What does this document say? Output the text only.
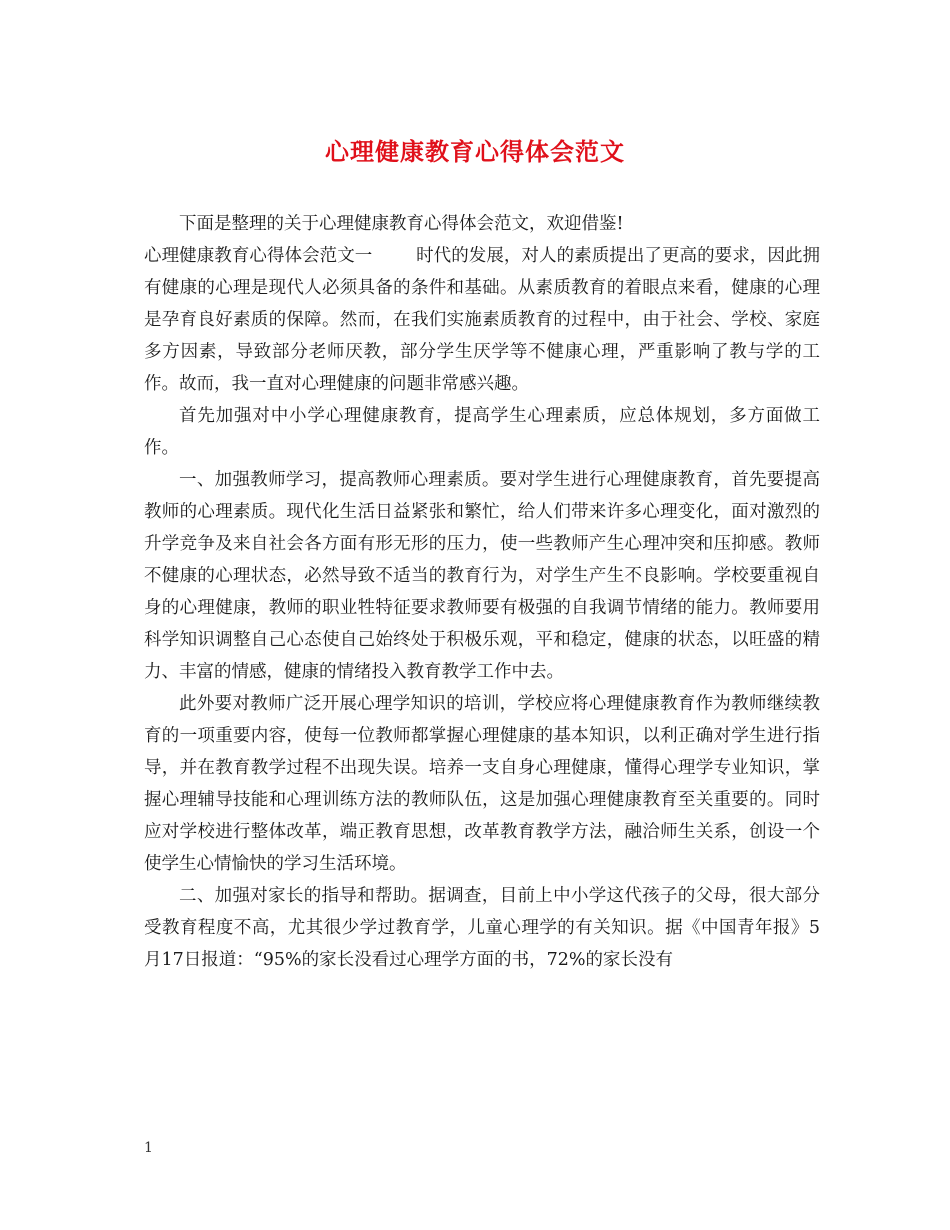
心理健康教育心得体会范文

下面是整理的关于心理健康教育心得体会范文，欢迎借鉴!

心理健康教育心得体会范文一	时代的发展，对人的素质提出了更高的要求，因此拥有健康的心理是现代人必须具备的条件和基础。从素质教育的着眼点来看，健康的心理是孕育良好素质的保障。然而，在我们实施素质教育的过程中，由于社会、学校、家庭多方因素，导致部分老师厌教，部分学生厌学等不健康心理，严重影响了教与学的工作。故而，我一直对心理健康的问题非常感兴趣。

首先加强对中小学心理健康教育，提高学生心理素质，应总体规划，多方面做工作。

一、加强教师学习，提高教师心理素质。要对学生进行心理健康教育，首先要提高教师的心理素质。现代化生活日益紧张和繁忙，给人们带来许多心理变化，面对激烈的升学竞争及来自社会各方面有形无形的压力，使一些教师产生心理冲突和压抑感。教师不健康的心理状态，必然导致不适当的教育行为，对学生产生不良影响。学校要重视自身的心理健康，教师的职业牲特征要求教师要有极强的自我调节情绪的能力。教师要用科学知识调整自己心态使自己始终处于积极乐观，平和稳定，健康的状态，以旺盛的精力、丰富的情感，健康的情绪投入教育教学工作中去。

此外要对教师广泛开展心理学知识的培训，学校应将心理健康教育作为教师继续教育的一项重要内容，使每一位教师都掌握心理健康的基本知识，以利正确对学生进行指导，并在教育教学过程不出现失误。培养一支自身心理健康，懂得心理学专业知识，掌握心理辅导技能和心理训练方法的教师队伍，这是加强心理健康教育至关重要的。同时应对学校进行整体改革，端正教育思想，改革教育教学方法，融洽师生关系，创设一个使学生心情愉快的学习生活环境。

二、加强对家长的指导和帮助。据调查，目前上中小学这代孩子的父母，很大部分受教育程度不高，尤其很少学过教育学，儿童心理学的有关知识。据《中国青年报》5月17日报道：“95%的家长没看过心理学方面的书，72%的家长没有

1
